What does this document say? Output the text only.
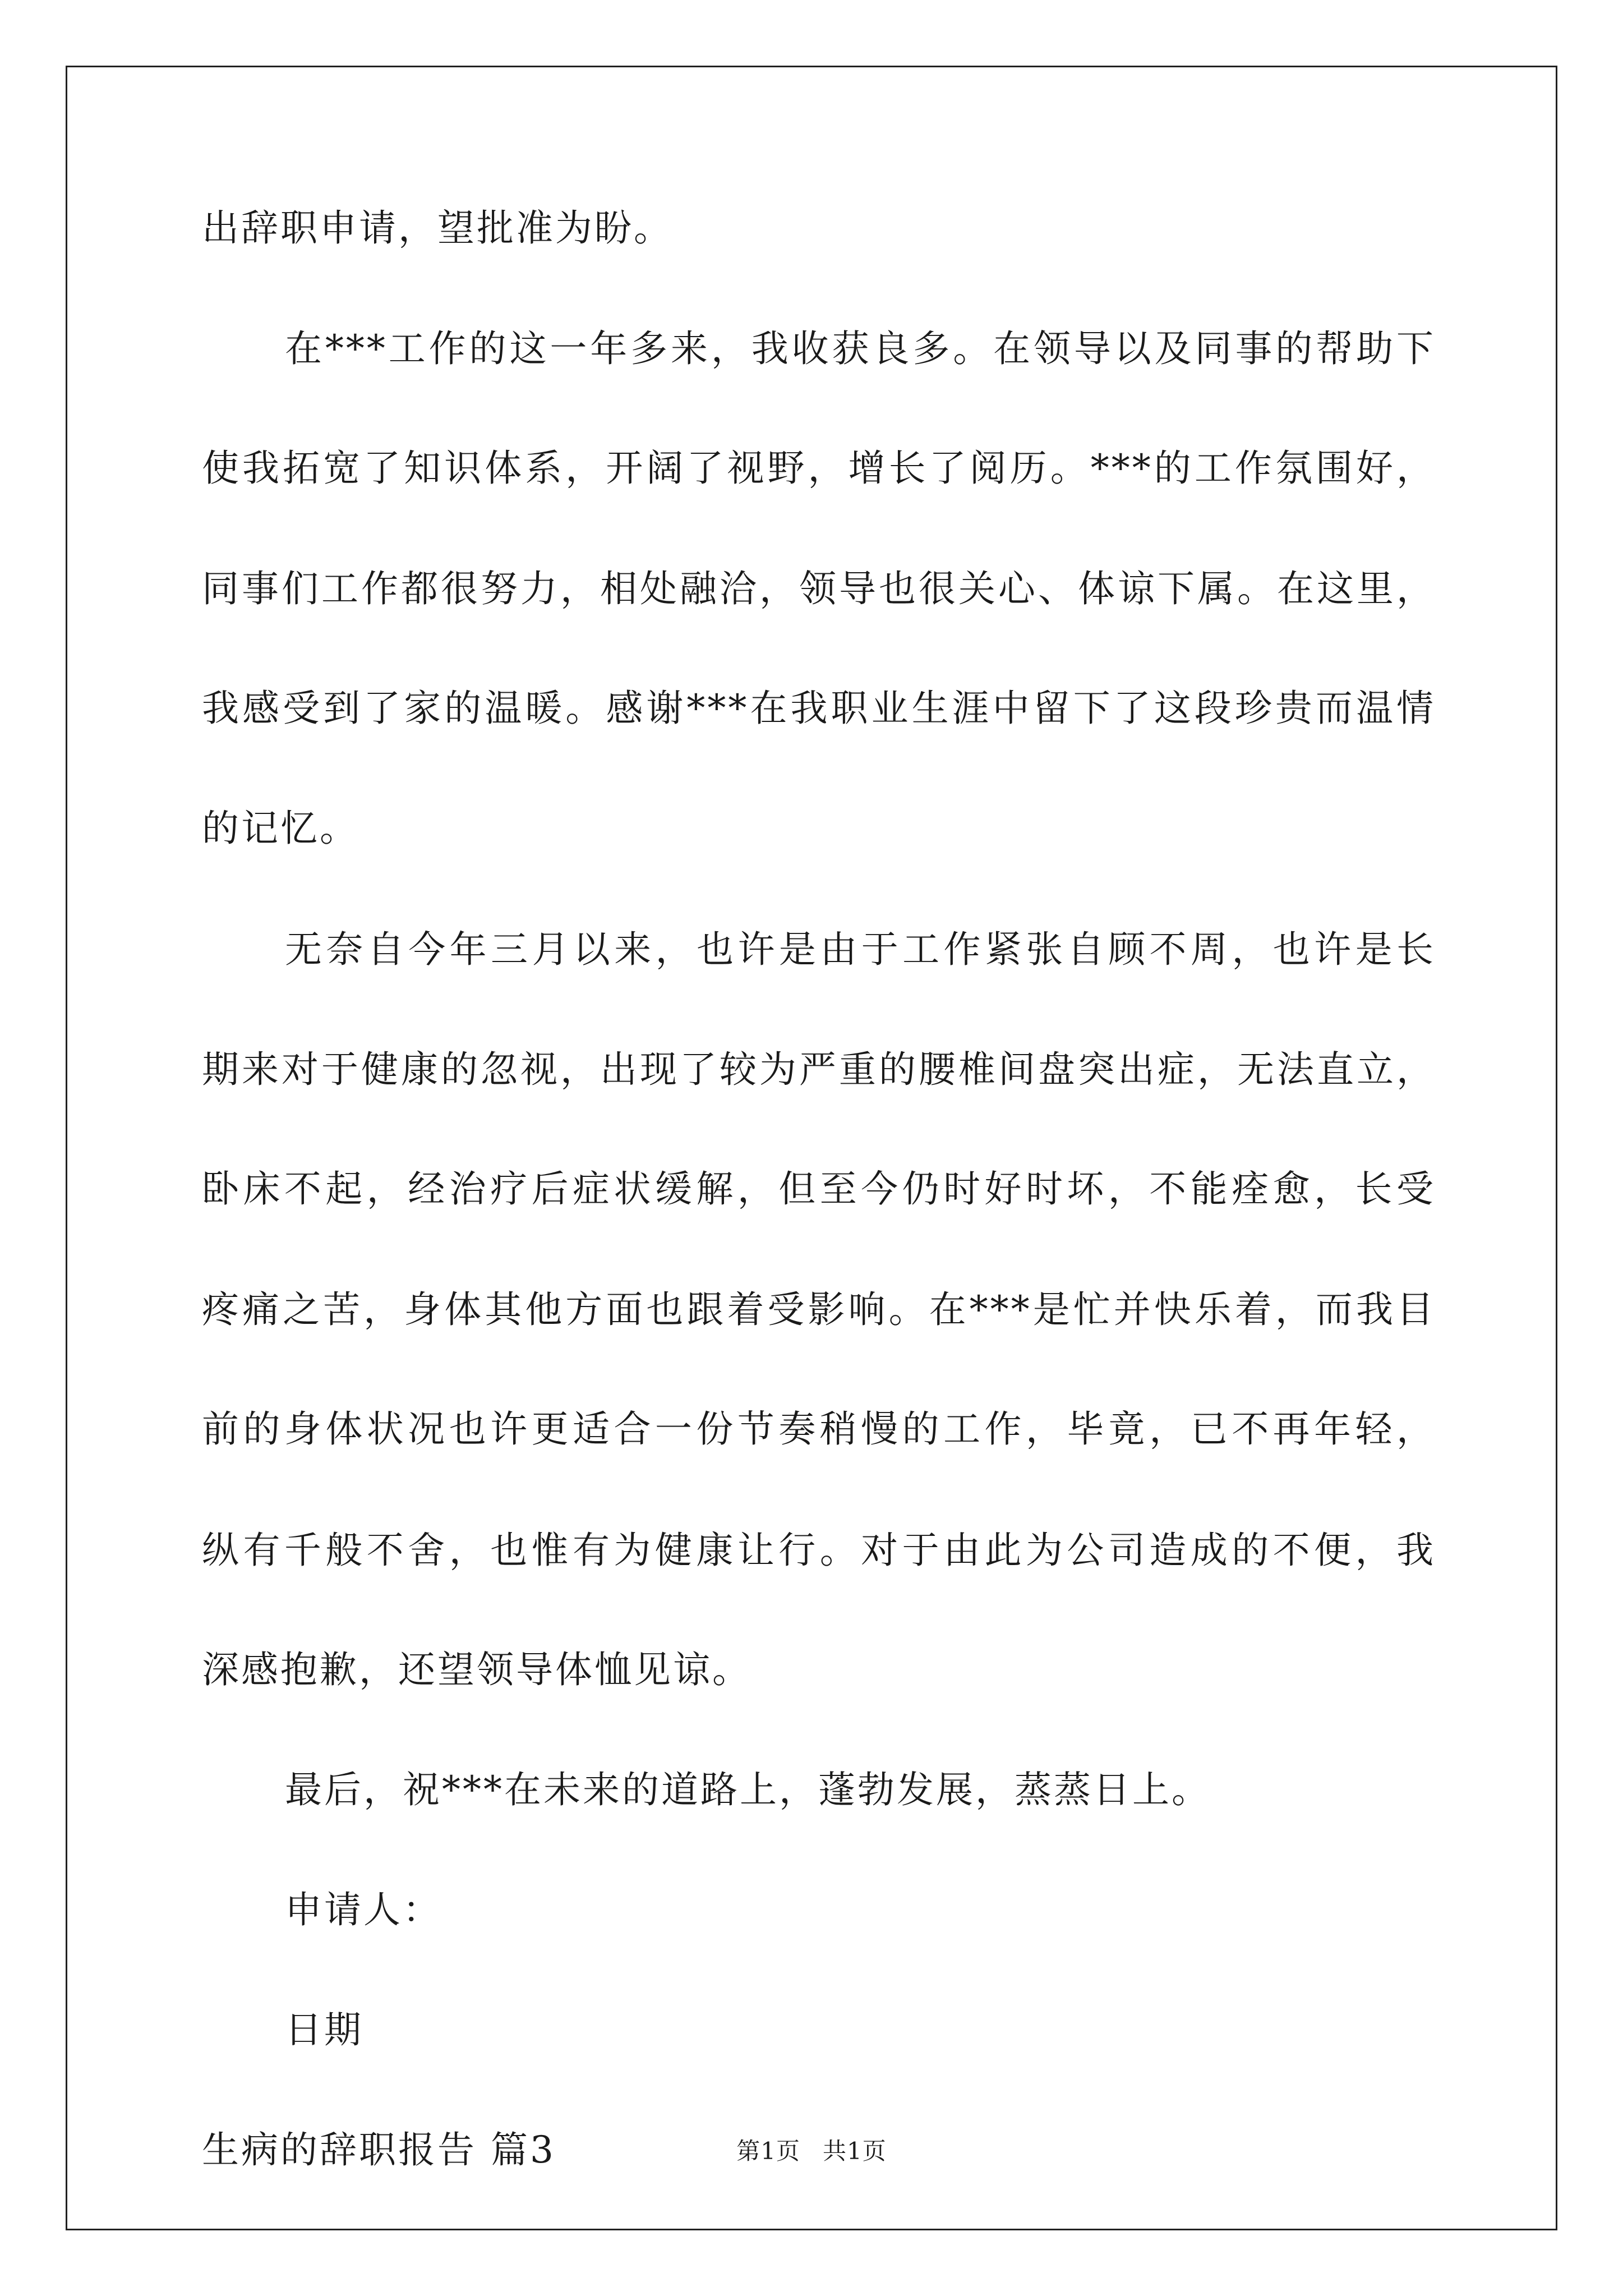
出辞职申请，望批准为盼。
在***工作的这一年多来，我收获良多。在领导以及同事的帮助下
使我拓宽了知识体系，开阔了视野，增长了阅历。***的工作氛围好，
同事们工作都很努力，相处融洽，领导也很关心、体谅下属。在这里，
我感受到了家的温暖。感谢***在我职业生涯中留下了这段珍贵而温情
的记忆。
无奈自今年三月以来，也许是由于工作紧张自顾不周，也许是长
期来对于健康的忽视，出现了较为严重的腰椎间盘突出症，无法直立，
卧床不起，经治疗后症状缓解，但至今仍时好时坏，不能痊愈，长受
疼痛之苦，身体其他方面也跟着受影响。在***是忙并快乐着，而我目
前的身体状况也许更适合一份节奏稍慢的工作，毕竟，已不再年轻，
纵有千般不舍，也惟有为健康让行。对于由此为公司造成的不便，我
深感抱歉，还望领导体恤见谅。
最后，祝***在未来的道路上，蓬勃发展，蒸蒸日上。
申请人：
日期
生病的辞职报告 篇3	第1页 共1页
